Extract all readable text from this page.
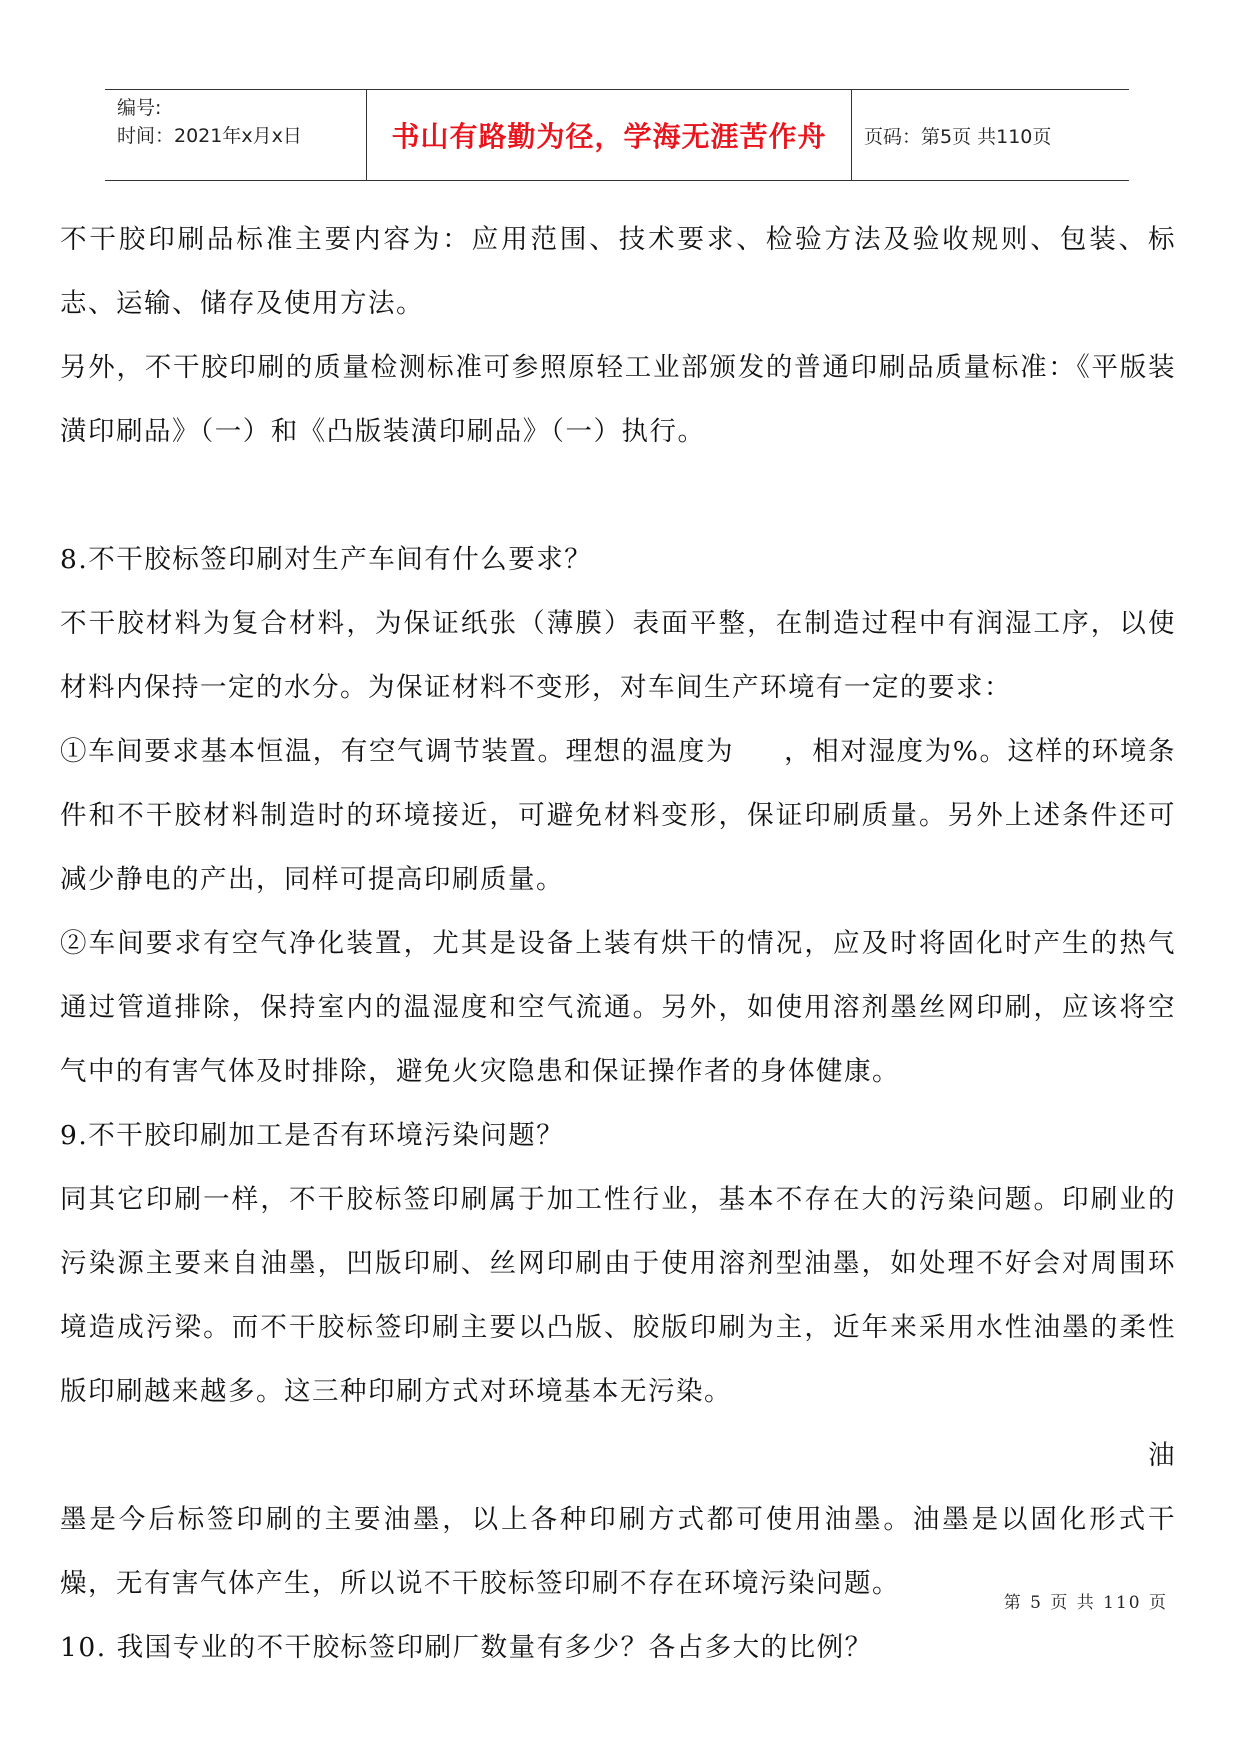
编号:
时间：2021年x月x日	书山有路勤为径，学海无涯苦作舟	页码：第5页 共110页

不干胶印刷品标准主要内容为：应用范围、技术要求、检验方法及验收规则、包装、标志、运输、储存及使用方法。

另外，不干胶印刷的质量检测标准可参照原轻工业部颁发的普通印刷品质量标准：《平版装潢印刷品》（一）和《凸版装潢印刷品》（一）执行。

8.不干胶标签印刷对生产车间有什么要求？

不干胶材料为复合材料，为保证纸张（薄膜）表面平整，在制造过程中有润湿工序，以使材料内保持一定的水分。为保证材料不变形，对车间生产环境有一定的要求：

①车间要求基本恒温，有空气调节装置。理想的温度为     ，相对湿度为%。这样的环境条件和不干胶材料制造时的环境接近，可避免材料变形，保证印刷质量。另外上述条件还可减少静电的产出，同样可提高印刷质量。

②车间要求有空气净化装置，尤其是设备上装有烘干的情况，应及时将固化时产生的热气通过管道排除，保持室内的温湿度和空气流通。另外，如使用溶剂墨丝网印刷，应该将空气中的有害气体及时排除，避免火灾隐患和保证操作者的身体健康。

9.不干胶印刷加工是否有环境污染问题？

同其它印刷一样，不干胶标签印刷属于加工性行业，基本不存在大的污染问题。印刷业的污染源主要来自油墨，凹版印刷、丝网印刷由于使用溶剂型油墨，如处理不好会对周围环境造成污梁。而不干胶标签印刷主要以凸版、胶版印刷为主，近年来采用水性油墨的柔性版印刷越来越多。这三种印刷方式对环境基本无污染。

油

墨是今后标签印刷的主要油墨，以上各种印刷方式都可使用油墨。油墨是以固化形式干燥，无有害气体产生，所以说不干胶标签印刷不存在环境污染问题。

10. 我国专业的不干胶标签印刷厂数量有多少？各占多大的比例？

第 5 页 共 110 页
